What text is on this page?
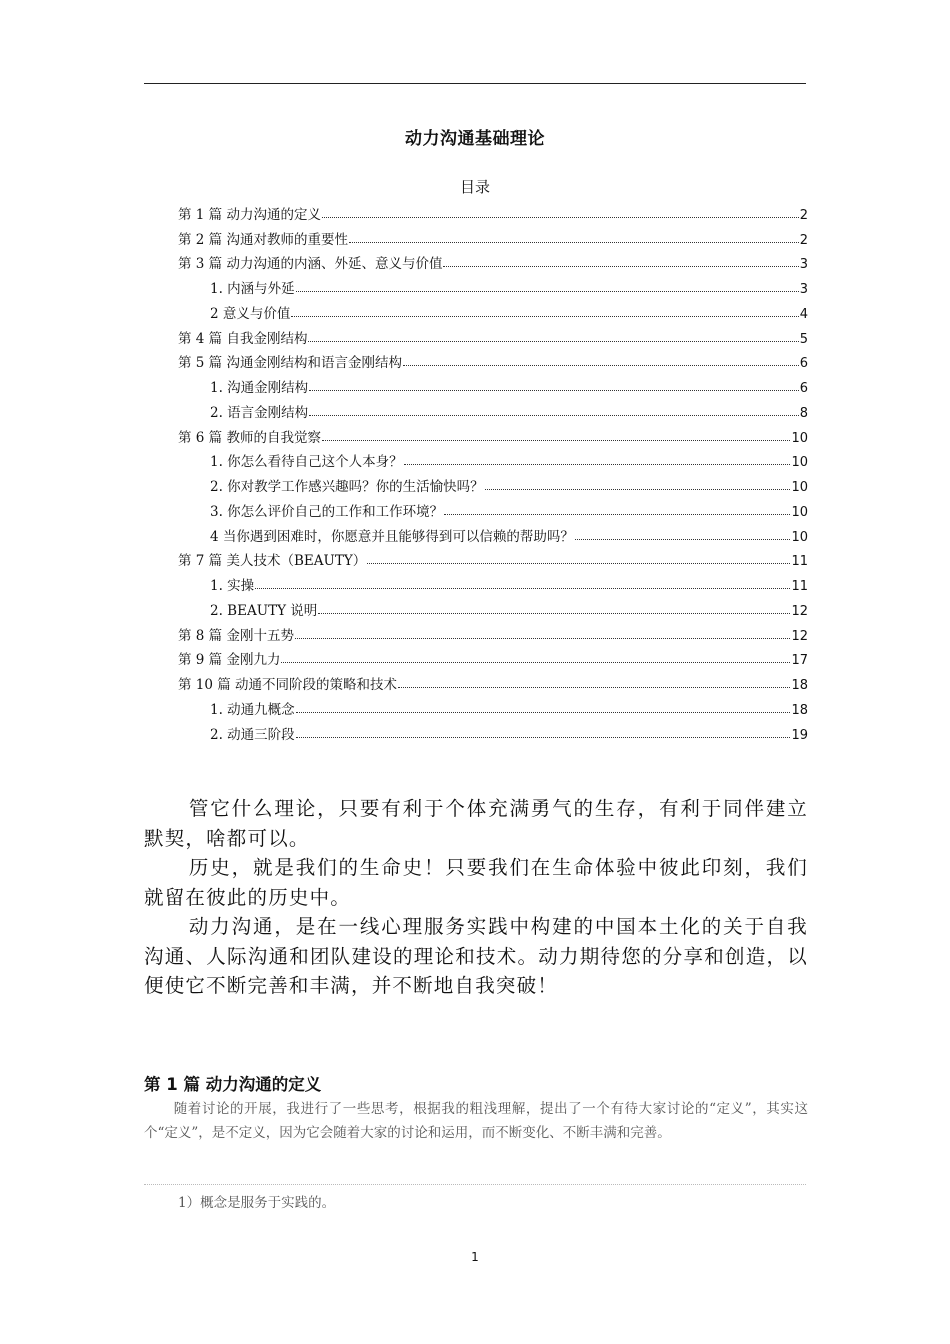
动力沟通基础理论
目录
第 1 篇 动力沟通的定义	2
第 2 篇 沟通对教师的重要性	2
第 3 篇 动力沟通的内涵、外延、意义与价值	3
1. 内涵与外延	3
2 意义与价值	4
第 4 篇 自我金刚结构	5
第 5 篇 沟通金刚结构和语言金刚结构	6
1. 沟通金刚结构	6
2. 语言金刚结构	8
第 6 篇 教师的自我觉察	10
1. 你怎么看待自己这个人本身？	10
2. 你对教学工作感兴趣吗？你的生活愉快吗？	10
3. 你怎么评价自己的工作和工作环境？	10
4 当你遇到困难时，你愿意并且能够得到可以信赖的帮助吗？	10
第 7 篇 美人技术（BEAUTY）	11
1. 实操	11
2. BEAUTY 说明	12
第 8 篇 金刚十五势	12
第 9 篇 金刚九力	17
第 10 篇 动通不同阶段的策略和技术	18
1. 动通九概念	18
2. 动通三阶段	19

管它什么理论，只要有利于个体充满勇气的生存，有利于同伴建立默契，啥都可以。

历史，就是我们的生命史！只要我们在生命体验中彼此印刻，我们就留在彼此的历史中。

动力沟通，是在一线心理服务实践中构建的中国本土化的关于自我沟通、人际沟通和团队建设的理论和技术。动力期待您的分享和创造，以便使它不断完善和丰满，并不断地自我突破！

第 1 篇 动力沟通的定义

随着讨论的开展，我进行了一些思考，根据我的粗浅理解，提出了一个有待大家讨论的“定义”，其实这个“定义”，是不定义，因为它会随着大家的讨论和运用，而不断变化、不断丰满和完善。

1）概念是服务于实践的。
1
